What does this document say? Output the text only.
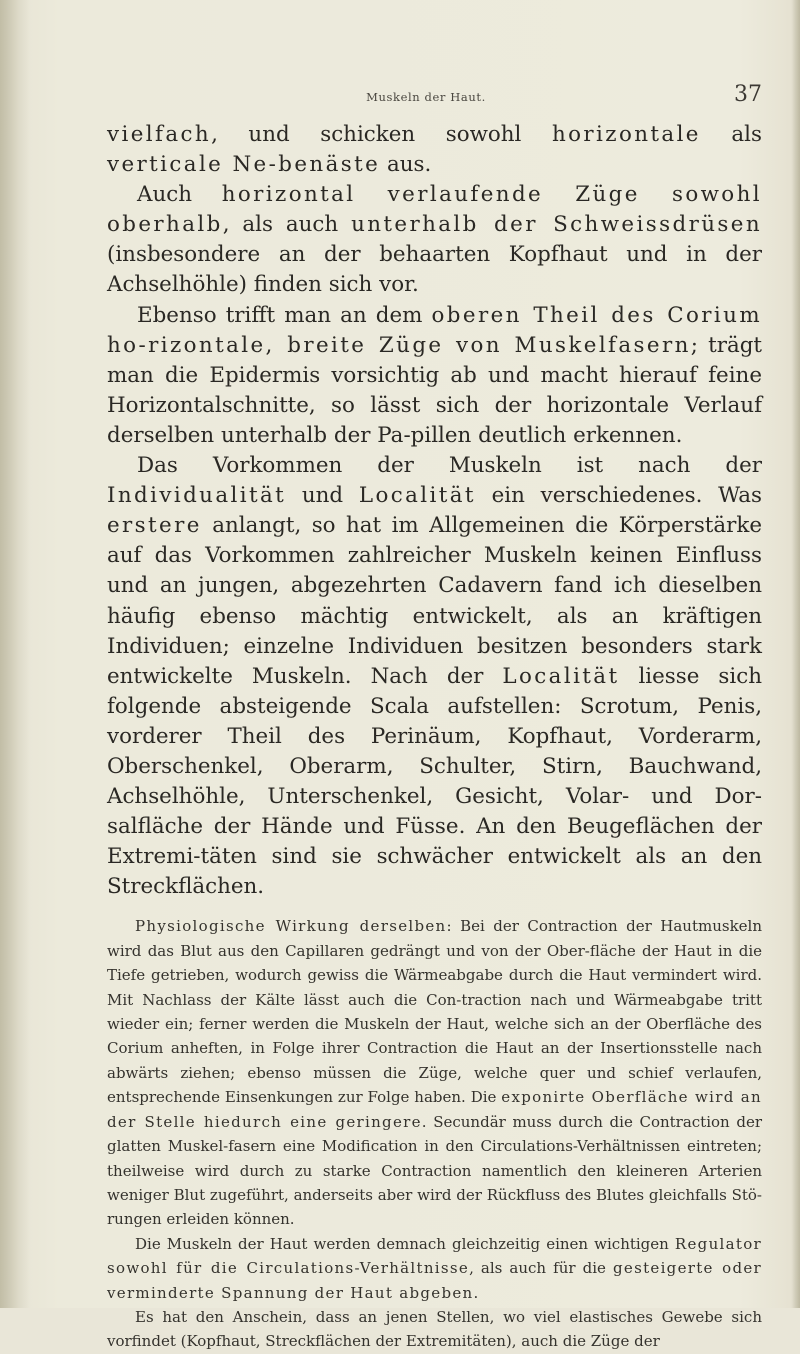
Muskeln der Haut.	37

vielfach, und schicken sowohl horizontale als verticale Ne-benäste aus.

Auch horizontal verlaufende Züge sowohl oberhalb, als auch unterhalb der Schweissdrüsen (insbesondere an der behaarten Kopfhaut und in der Achselhöhle) finden sich vor.

Ebenso trifft man an dem oberen Theil des Corium ho-rizontale, breite Züge von Muskelfasern; trägt man die Epidermis vorsichtig ab und macht hierauf feine Horizontalschnitte, so lässt sich der horizontale Verlauf derselben unterhalb der Pa-pillen deutlich erkennen.

Das Vorkommen der Muskeln ist nach der Individualität und Localität ein verschiedenes. Was erstere anlangt, so hat im Allgemeinen die Körperstärke auf das Vorkommen zahlreicher Muskeln keinen Einfluss und an jungen, abgezehrten Cadavern fand ich dieselben häufig ebenso mächtig entwickelt, als an kräftigen Individuen; einzelne Individuen besitzen besonders stark entwickelte Muskeln. Nach der Localität liesse sich folgende absteigende Scala aufstellen: Scrotum, Penis, vorderer Theil des Perinäum, Kopfhaut, Vorderarm, Oberschenkel, Oberarm, Schulter, Stirn, Bauchwand, Achselhöhle, Unterschenkel, Gesicht, Volar- und Dor-salfläche der Hände und Füsse. An den Beugeflächen der Extremi-täten sind sie schwächer entwickelt als an den Streckflächen.

Physiologische Wirkung derselben: Bei der Contraction der Hautmuskeln wird das Blut aus den Capillaren gedrängt und von der Ober-fläche der Haut in die Tiefe getrieben, wodurch gewiss die Wärmeabgabe durch die Haut vermindert wird. Mit Nachlass der Kälte lässt auch die Con-traction nach und Wärmeabgabe tritt wieder ein; ferner werden die Muskeln der Haut, welche sich an der Oberfläche des Corium anheften, in Folge ihrer Contraction die Haut an der Insertionsstelle nach abwärts ziehen; ebenso müssen die Züge, welche quer und schief verlaufen, entsprechende Einsenkungen zur Folge haben. Die exponirte Oberfläche wird an der Stelle hiedurch eine geringere. Secundär muss durch die Contraction der glatten Muskel-fasern eine Modification in den Circulations-Verhältnissen eintreten; theilweise wird durch zu starke Contraction namentlich den kleineren Arterien weniger Blut zugeführt, anderseits aber wird der Rückfluss des Blutes gleichfalls Stö-rungen erleiden können.

Die Muskeln der Haut werden demnach gleichzeitig einen wichtigen Regulator sowohl für die Circulations-Verhältnisse, als auch für die gesteigerte oder verminderte Spannung der Haut abgeben.

Es hat den Anschein, dass an jenen Stellen, wo viel elastisches Gewebe sich vorfindet (Kopfhaut, Streckflächen der Extremitäten), auch die Züge der
